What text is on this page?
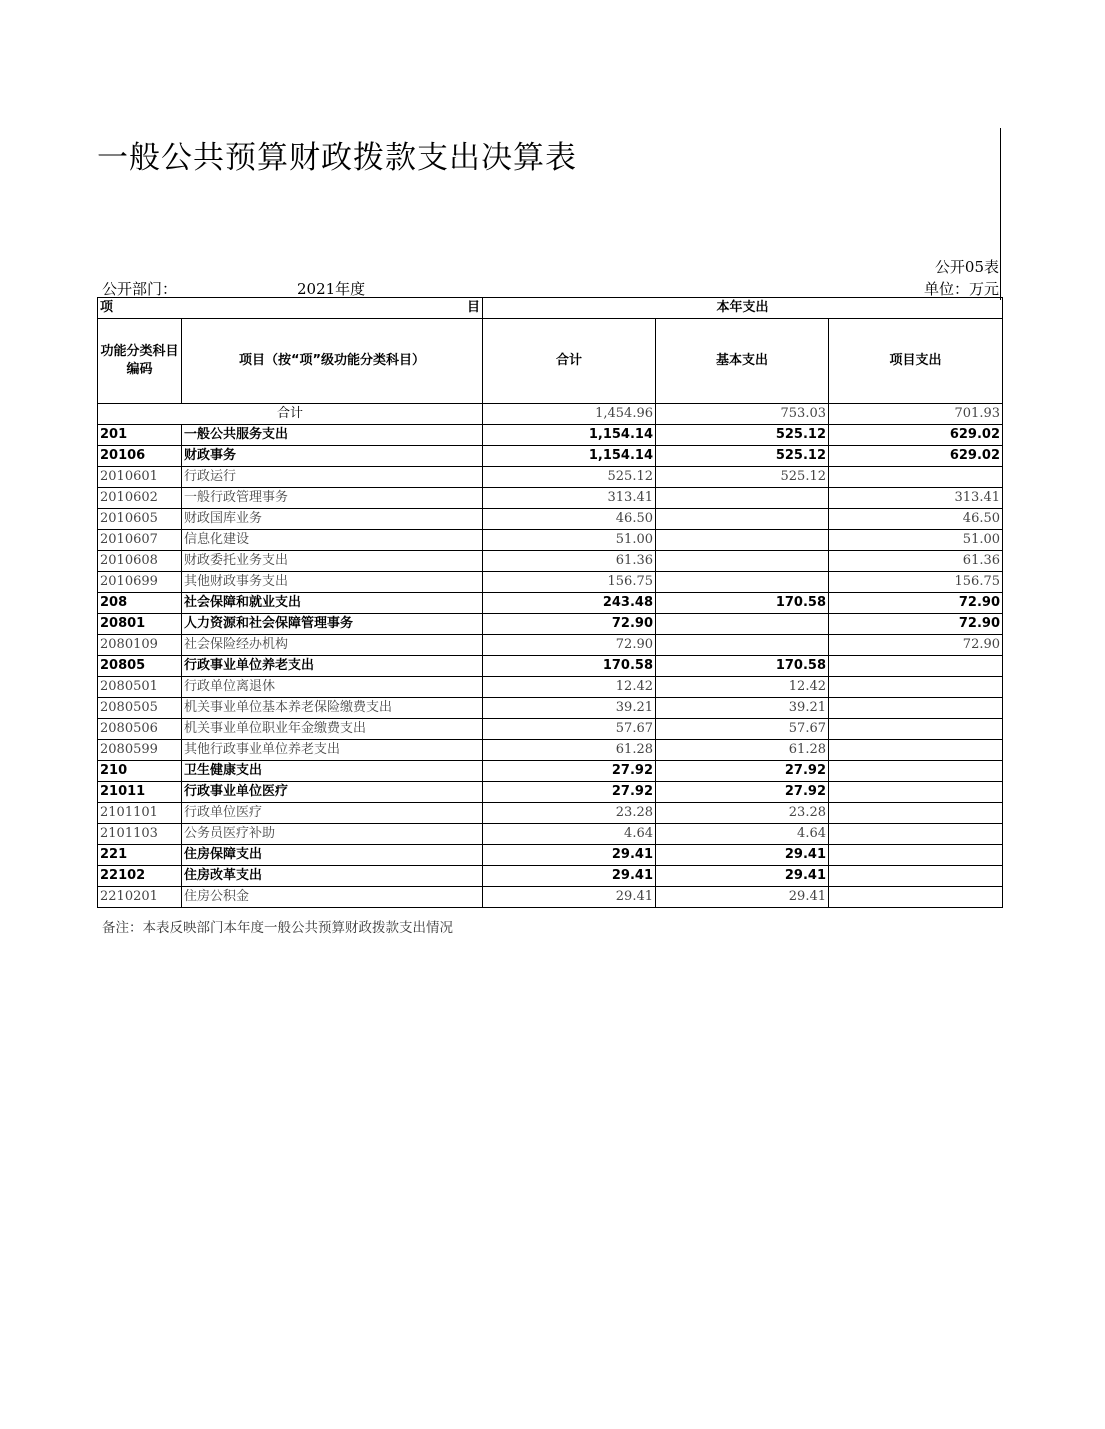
一般公共预算财政拨款支出决算表
公开05表
公开部门：	2021年度	单位：万元
项	目	本年支出		
功能分类科目编码	项目（按“项”级功能分类科目）	合计	基本支出	项目支出
合计		1,454.96	753.03	701.93
201	一般公共服务支出	1,154.14	525.12	629.02
20106	财政事务	1,154.14	525.12	629.02
2010601	行政运行	525.12	525.12	
2010602	一般行政管理事务	313.41		313.41
2010605	财政国库业务	46.50		46.50
2010607	信息化建设	51.00		51.00
2010608	财政委托业务支出	61.36		61.36
2010699	其他财政事务支出	156.75		156.75
208	社会保障和就业支出	243.48	170.58	72.90
20801	人力资源和社会保障管理事务	72.90		72.90
2080109	社会保险经办机构	72.90		72.90
20805	行政事业单位养老支出	170.58	170.58	
2080501	行政单位离退休	12.42	12.42	
2080505	机关事业单位基本养老保险缴费支出	39.21	39.21	
2080506	机关事业单位职业年金缴费支出	57.67	57.67	
2080599	其他行政事业单位养老支出	61.28	61.28	
210	卫生健康支出	27.92	27.92	
21011	行政事业单位医疗	27.92	27.92	
2101101	行政单位医疗	23.28	23.28	
2101103	公务员医疗补助	4.64	4.64	
221	住房保障支出	29.41	29.41	
22102	住房改革支出	29.41	29.41	
2210201	住房公积金	29.41	29.41	
备注：本表反映部门本年度一般公共预算财政拨款支出情况
